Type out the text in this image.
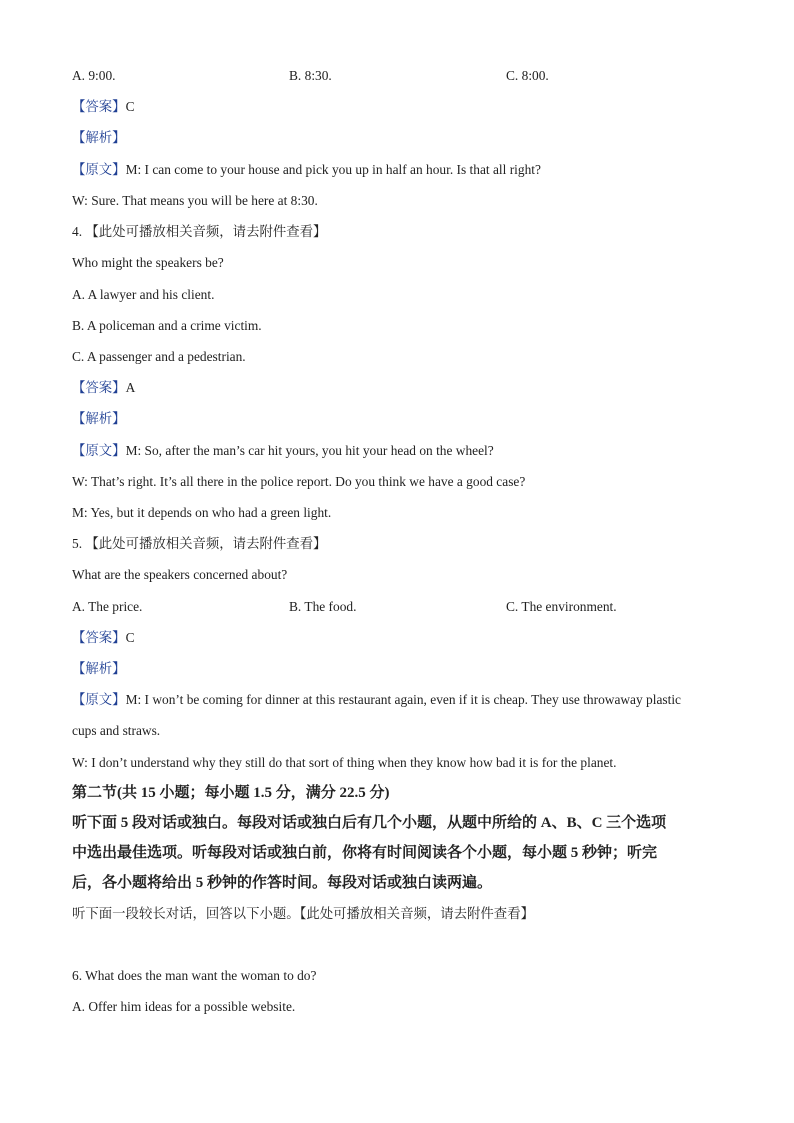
A. 9:00.	B. 8:30.	C. 8:00.
【答案】C
【解析】
【原文】M: I can come to your house and pick you up in half an hour. Is that all right?
W: Sure. That means you will be here at 8:30.
4. 【此处可播放相关音频，请去附件查看】
Who might the speakers be?
A. A lawyer and his client.
B. A policeman and a crime victim.
C. A passenger and a pedestrian.
【答案】A
【解析】
【原文】M: So, after the man’s car hit yours, you hit your head on the wheel?
W: That’s right. It’s all there in the police report. Do you think we have a good case?
M: Yes, but it depends on who had a green light.
5. 【此处可播放相关音频，请去附件查看】
What are the speakers concerned about?
A. The price.	B. The food.	C. The environment.
【答案】C
【解析】
【原文】M: I won’t be coming for dinner at this restaurant again, even if it is cheap. They use throwaway plastic
cups and straws.
W: I don’t understand why they still do that sort of thing when they know how bad it is for the planet.
第二节(共 15 小题；每小题 1.5 分，满分 22.5 分)
听下面 5 段对话或独白。每段对话或独白后有几个小题，从题中所给的 A、B、C 三个选项
中选出最佳选项。听每段对话或独白前，你将有时间阅读各个小题，每小题 5 秒钟；听完
后，各小题将给出 5 秒钟的作答时间。每段对话或独白读两遍。
听下面一段较长对话，回答以下小题。【此处可播放相关音频，请去附件查看】
6. What does the man want the woman to do?
A. Offer him ideas for a possible website.
